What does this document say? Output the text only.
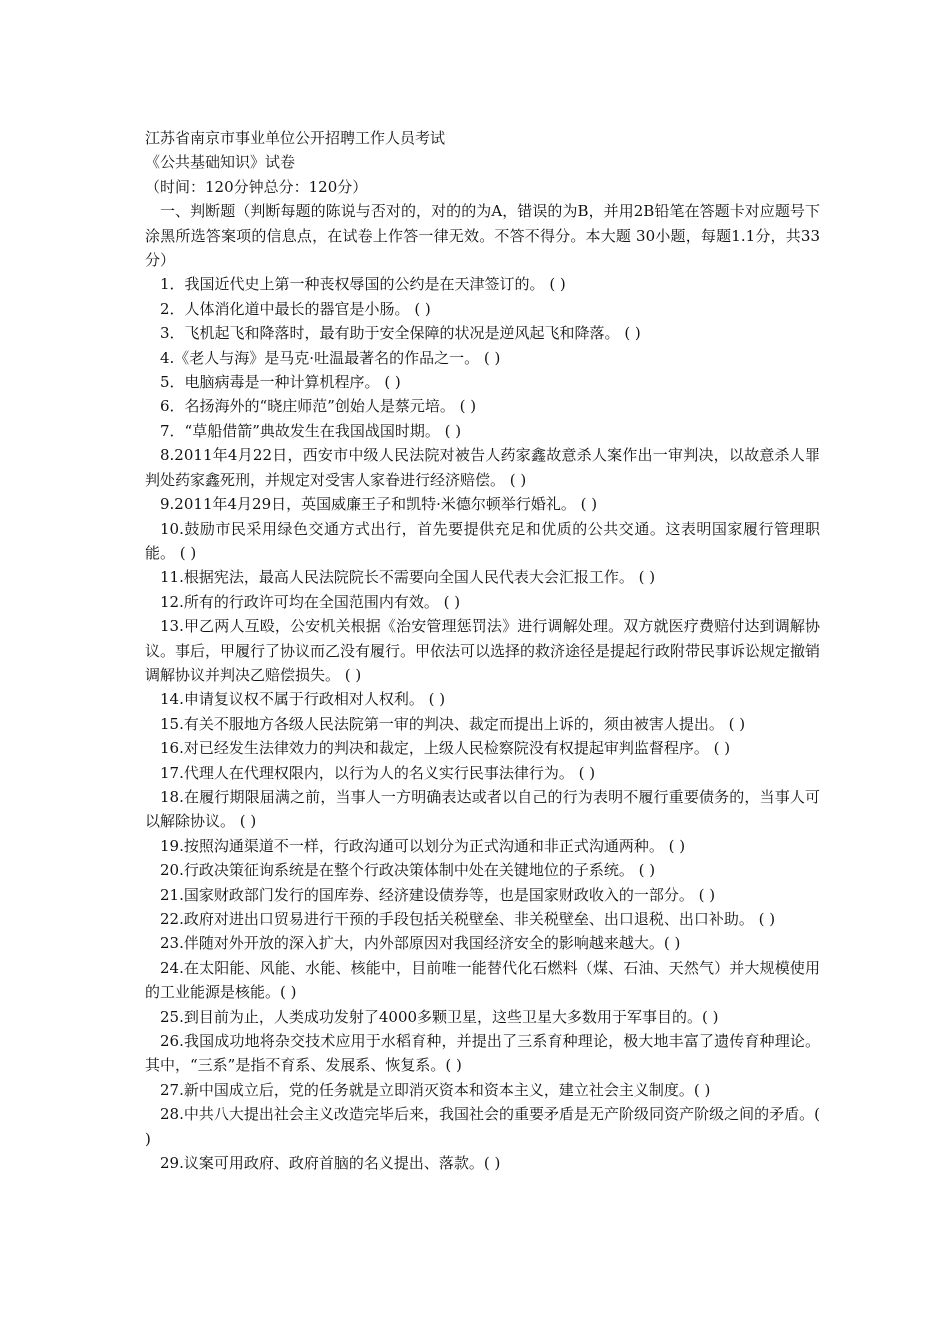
江苏省南京市事业单位公开招聘工作人员考试

《公共基础知识》试卷

（时间：120分钟总分：120分）

一、判断题（判断每题的陈说与否对的，对的的为A，错误的为B，并用2B铅笔在答题卡对应题号下涂黑所选答案项的信息点，在试卷上作答一律无效。不答不得分。本大题 30小题，每题1.1分，共33分）

1．我国近代史上第一种丧权辱国的公约是在天津签订的。 ( )

2．人体消化道中最长的器官是小肠。 ( )

3．飞机起飞和降落时，最有助于安全保障的状况是逆风起飞和降落。 ( )

4.《老人与海》是马克·吐温最著名的作品之一。 ( )

5．电脑病毒是一种计算机程序。 ( )

6．名扬海外的“晓庄师范”创始人是蔡元培。 ( )

7．“草船借箭”典故发生在我国战国时期。 ( )

8.2011年4月22日，西安市中级人民法院对被告人药家鑫故意杀人案作出一审判决，以故意杀人罪判处药家鑫死刑，并规定对受害人家眷进行经济赔偿。 ( )

9.2011年4月29日，英国威廉王子和凯特·米德尔顿举行婚礼。 ( )

10.鼓励市民采用绿色交通方式出行，首先要提供充足和优质的公共交通。这表明国家履行管理职能。 ( )

11.根据宪法，最高人民法院院长不需要向全国人民代表大会汇报工作。 ( )

12.所有的行政许可均在全国范围内有效。 ( )

13.甲乙两人互殴，公安机关根据《治安管理惩罚法》进行调解处理。双方就医疗费赔付达到调解协议。事后，甲履行了协议而乙没有履行。甲依法可以选择的救济途径是提起行政附带民事诉讼规定撤销调解协议并判决乙赔偿损失。 ( )

14.申请复议权不属于行政相对人权利。 ( )

15.有关不服地方各级人民法院第一审的判决、裁定而提出上诉的，须由被害人提出。 ( )

16.对已经发生法律效力的判决和裁定，上级人民检察院没有权提起审判监督程序。 ( )

17.代理人在代理权限内，以行为人的名义实行民事法律行为。 ( )

18.在履行期限届满之前，当事人一方明确表达或者以自己的行为表明不履行重要债务的，当事人可以解除协议。 ( )

19.按照沟通渠道不一样，行政沟通可以划分为正式沟通和非正式沟通两种。 ( )

20.行政决策征询系统是在整个行政决策体制中处在关键地位的子系统。 ( )

21.国家财政部门发行的国库券、经济建设债券等，也是国家财政收入的一部分。 ( )

22.政府对进出口贸易进行干预的手段包括关税壁垒、非关税壁垒、出口退税、出口补助。 ( )

23.伴随对外开放的深入扩大，内外部原因对我国经济安全的影响越来越大。( )

24.在太阳能、风能、水能、核能中，目前唯一能替代化石燃料（煤、石油、天然气）并大规模使用的工业能源是核能。( )

25.到目前为止，人类成功发射了4000多颗卫星，这些卫星大多数用于军事目的。( )

26.我国成功地将杂交技术应用于水稻育种，并提出了三系育种理论，极大地丰富了遗传育种理论。其中，“三系”是指不育系、发展系、恢复系。( )

27.新中国成立后，党的任务就是立即消灭资本和资本主义，建立社会主义制度。( )

28.中共八大提出社会主义改造完毕后来，我国社会的重要矛盾是无产阶级同资产阶级之间的矛盾。( )

29.议案可用政府、政府首脑的名义提出、落款。( )
